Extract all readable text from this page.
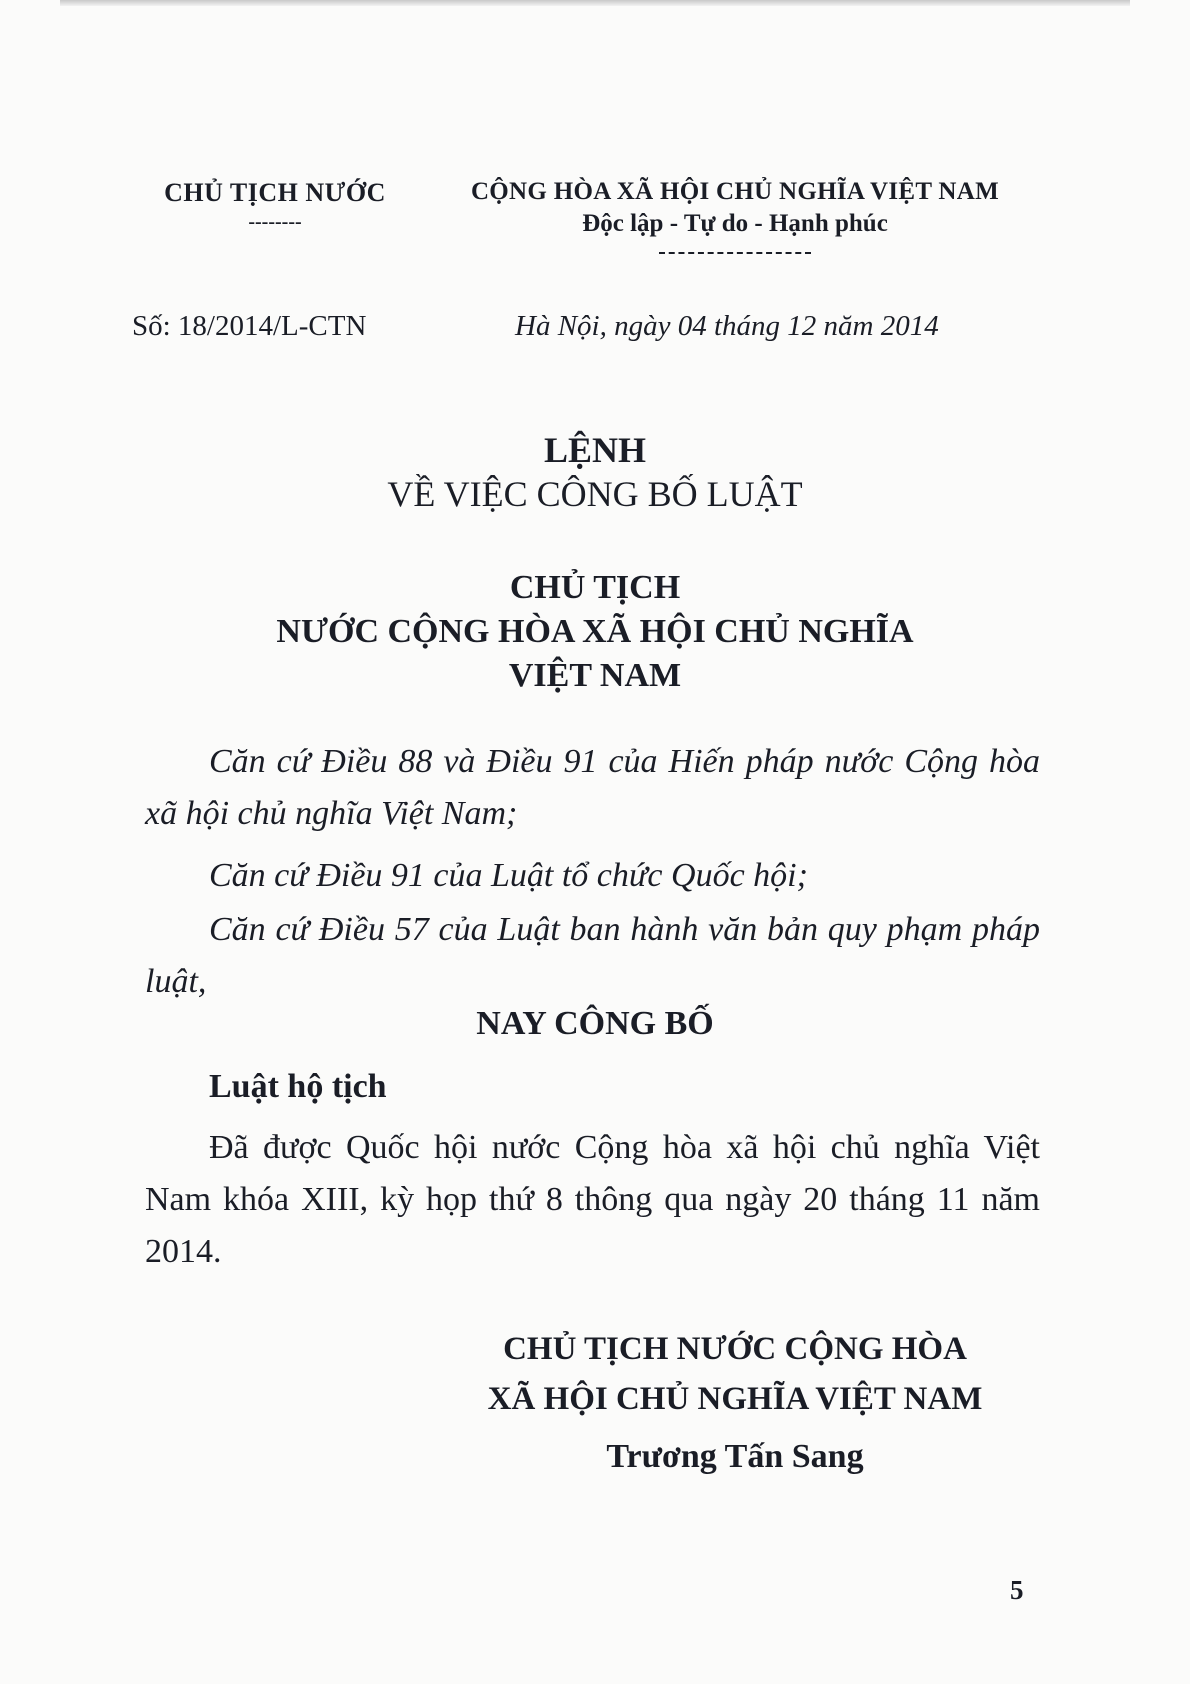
CHỦ TỊCH NƯỚC
--------
CỘNG HÒA XÃ HỘI CHỦ NGHĨA VIỆT NAM
Độc lập - Tự do - Hạnh phúc
Số: 18/2014/L-CTN	Hà Nội, ngày 04 tháng 12 năm 2014
LỆNH
VỀ VIỆC CÔNG BỐ LUẬT
CHỦ TỊCH
NƯỚC CỘNG HÒA XÃ HỘI CHỦ NGHĨA
VIỆT NAM

Căn cứ Điều 88 và Điều 91 của Hiến pháp nước Cộng hòa xã hội chủ nghĩa Việt Nam;

Căn cứ Điều 91 của Luật tổ chức Quốc hội;

Căn cứ Điều 57 của Luật ban hành văn bản quy phạm pháp luật,

NAY CÔNG BỐ
Luật hộ tịch

Đã được Quốc hội nước Cộng hòa xã hội chủ nghĩa Việt Nam khóa XIII, kỳ họp thứ 8 thông qua ngày 20 tháng 11 năm 2014.

CHỦ TỊCH NƯỚC CỘNG HÒA
XÃ HỘI CHỦ NGHĨA VIỆT NAM
Trương Tấn Sang
5
